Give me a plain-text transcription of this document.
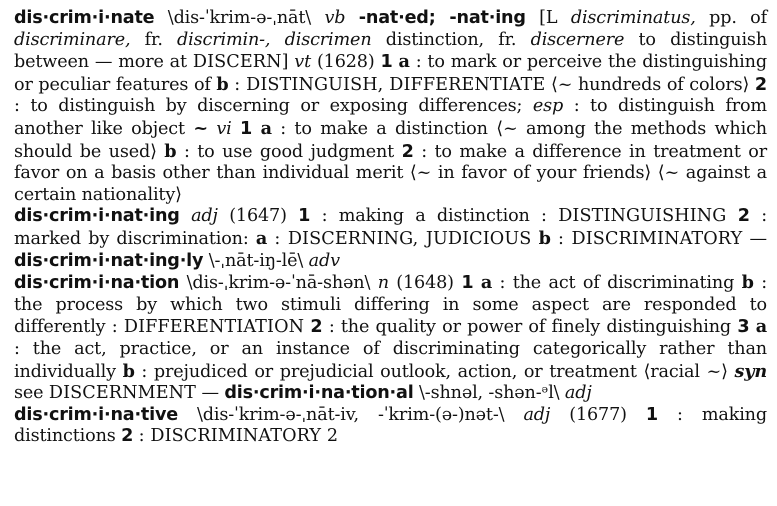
dis·crim·i·nate \dis-ˈkrim-ə-ˌnāt\ vb -nat·ed; -nat·ing [L discriminatus, pp. of discriminare, fr. discrimin-, discrimen distinction, fr. discernere to distinguish between — more at DISCERN] vt (1628) 1 a : to mark or perceive the distinguishing or peculiar features of b : DISTINGUISH, DIFFERENTIATE ⟨~ hundreds of colors⟩ 2 : to distinguish by discerning or exposing differences; esp : to distinguish from another like object ~ vi 1 a : to make a distinction ⟨~ among the methods which should be used⟩ b : to use good judgment 2 : to make a difference in treatment or favor on a basis other than individual merit ⟨~ in favor of your friends⟩ ⟨~ against a certain nationality⟩

dis·crim·i·nat·ing adj (1647) 1 : making a distinction : DISTINGUISHING 2 : marked by discrimination: a : DISCERNING, JUDICIOUS b : DISCRIMINATORY — dis·crim·i·nat·ing·ly \-ˌnāt-iŋ-lē\ adv

dis·crim·i·na·tion \dis-ˌkrim-ə-ˈnā-shən\ n (1648) 1 a : the act of discriminating b : the process by which two stimuli differing in some aspect are responded to differently : DIFFERENTIATION 2 : the quality or power of finely distinguishing 3 a : the act, practice, or an instance of discriminating categorically rather than individually b : prejudiced or prejudicial outlook, action, or treatment ⟨racial ~⟩ syn see DISCERNMENT — dis·crim·i·na·tion·al \-shnəl, -shən-ᵊl\ adj

dis·crim·i·na·tive \dis-ˈkrim-ə-ˌnāt-iv, -ˈkrim-(ə-)nət-\ adj (1677) 1 : making distinctions 2 : DISCRIMINATORY 2
